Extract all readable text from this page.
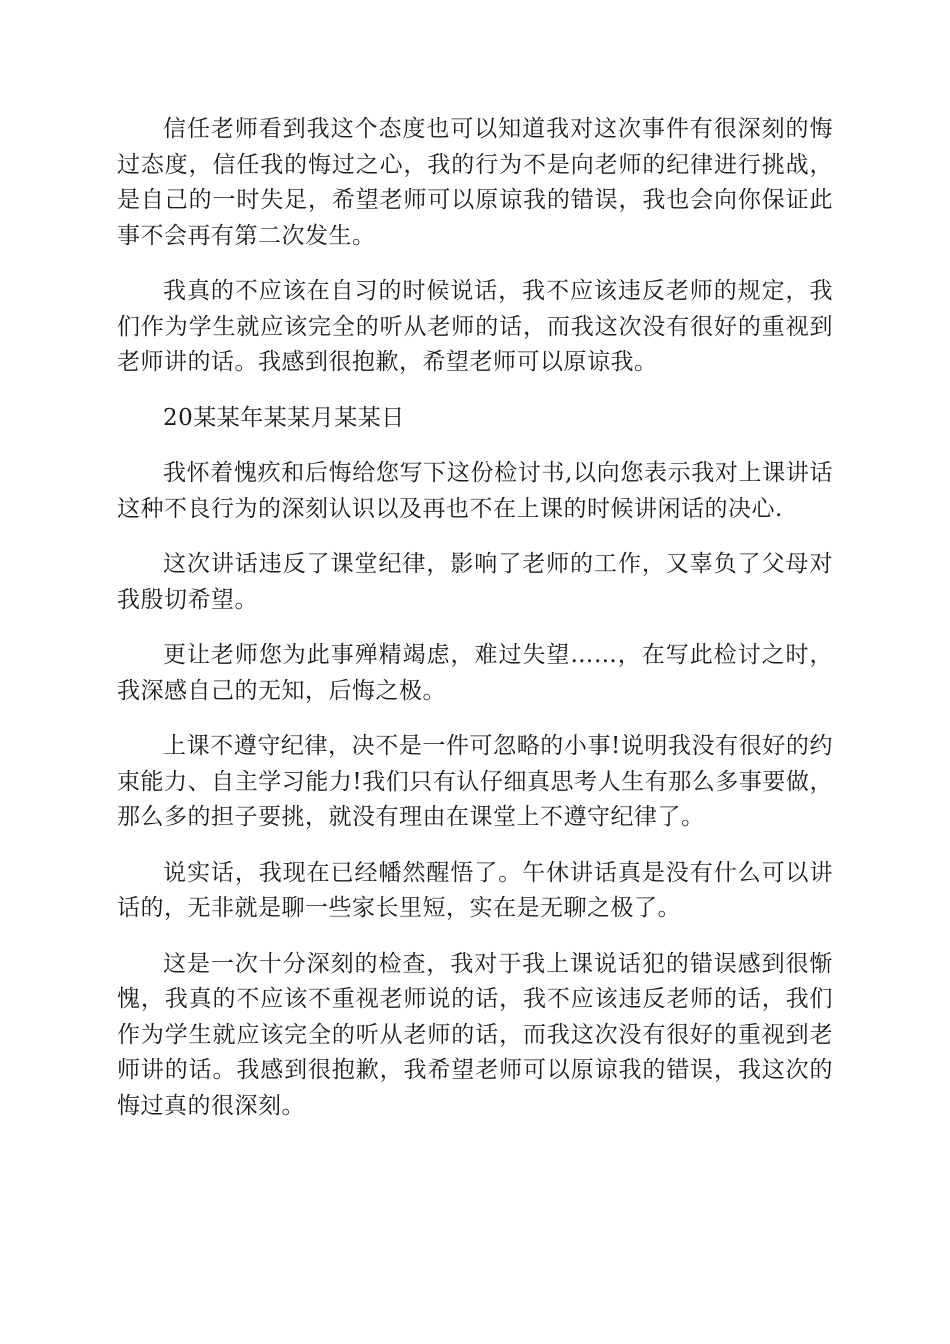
信任老师看到我这个态度也可以知道我对这次事件有很深刻的悔过态度，信任我的悔过之心，我的行为不是向老师的纪律进行挑战，是自己的一时失足，希望老师可以原谅我的错误，我也会向你保证此事不会再有第二次发生。

我真的不应该在自习的时候说话，我不应该违反老师的规定，我们作为学生就应该完全的听从老师的话，而我这次没有很好的重视到老师讲的话。我感到很抱歉，希望老师可以原谅我。

20某某年某某月某某日

我怀着愧疚和后悔给您写下这份检讨书,以向您表示我对上课讲话这种不良行为的深刻认识以及再也不在上课的时候讲闲话的决心.

这次讲话违反了课堂纪律，影响了老师的工作，又辜负了父母对我殷切希望。

更让老师您为此事殚精竭虑，难过失望……，在写此检讨之时，我深感自己的无知，后悔之极。

上课不遵守纪律，决不是一件可忽略的小事!说明我没有很好的约束能力、自主学习能力!我们只有认仔细真思考人生有那么多事要做，那么多的担子要挑，就没有理由在课堂上不遵守纪律了。

说实话，我现在已经幡然醒悟了。午休讲话真是没有什么可以讲话的，无非就是聊一些家长里短，实在是无聊之极了。

这是一次十分深刻的检查，我对于我上课说话犯的错误感到很惭愧，我真的不应该不重视老师说的话，我不应该违反老师的话，我们作为学生就应该完全的听从老师的话，而我这次没有很好的重视到老师讲的话。我感到很抱歉，我希望老师可以原谅我的错误，我这次的悔过真的很深刻。
